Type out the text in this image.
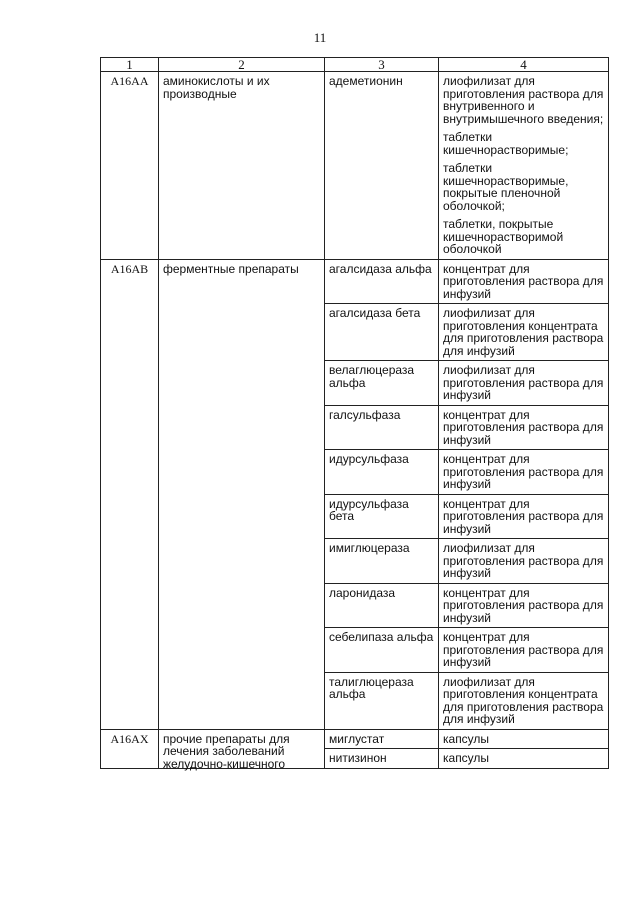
11
1	2	3	4
A16AA	аминокислоты и их производные	адеметионин	лиофилизат для приготовления раствора для внутривенного и внутримышечного введения;
таблетки кишечнорастворимые;
таблетки кишечнорастворимые, покрытые пленочной оболочкой;
таблетки, покрытые кишечнорастворимой оболочкой

A16AB	ферментные препараты	агалсидаза альфа	концентрат для приготовления раствора для инфузий
		агалсидаза бета	лиофилизат для приготовления концентрата для приготовления раствора для инфузий
		велаглюцераза альфа	лиофилизат для приготовления раствора для инфузий
		галсульфаза	концентрат для приготовления раствора для инфузий
		идурсульфаза	концентрат для приготовления раствора для инфузий
		идурсульфаза бета	концентрат для приготовления раствора для инфузий
		имиглюцераза	лиофилизат для приготовления раствора для инфузий
		ларонидаза	концентрат для приготовления раствора для инфузий
		себелипаза альфа	концентрат для приготовления раствора для инфузий
		талиглюцераза альфа	лиофилизат для приготовления концентрата для приготовления раствора для инфузий
A16AX	прочие препараты для лечения заболеваний желудочно-кишечного	миглустат	капсулы
		нитизинон	капсулы
